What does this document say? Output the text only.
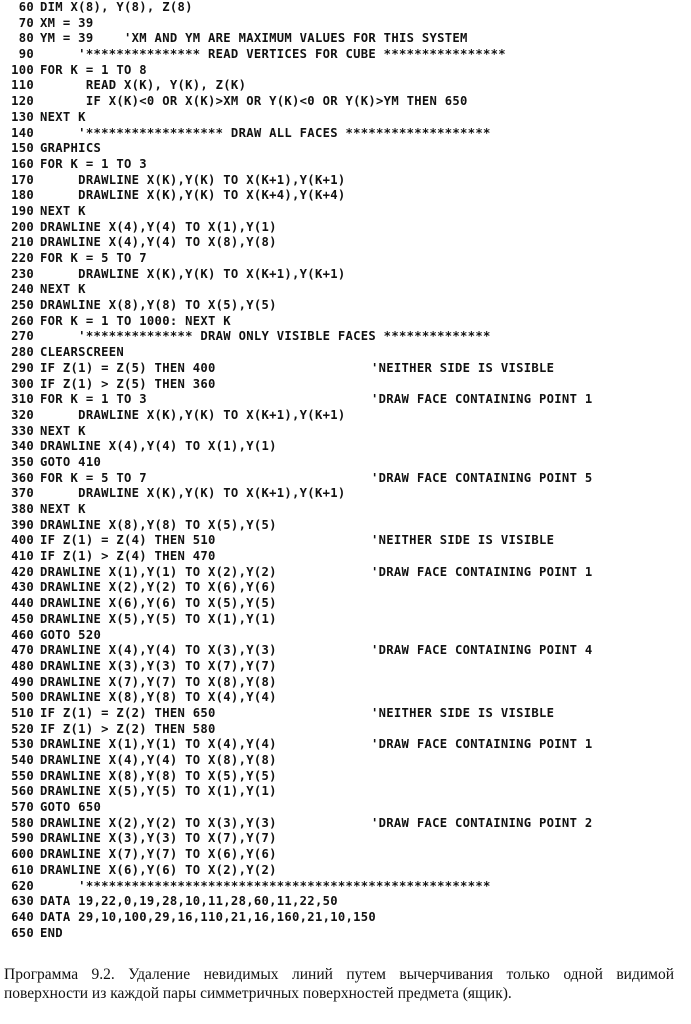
60 DIM X(8), Y(8), Z(8)
70 XM = 39
80 YM = 39    'XM AND YM ARE MAXIMUM VALUES FOR THIS SYSTEM
90 '*************** READ VERTICES FOR CUBE ****************
100 FOR K = 1 TO 8
110 READ X(K), Y(K), Z(K)
120 IF X(K)<0 OR X(K)>XM OR Y(K)<0 OR Y(K)>YM THEN 650
130 NEXT K
140 '****************** DRAW ALL FACES *******************
150 GRAPHICS
160 FOR K = 1 TO 3
170 DRAWLINE X(K),Y(K) TO X(K+1),Y(K+1)
180 DRAWLINE X(K),Y(K) TO X(K+4),Y(K+4)
190 NEXT K
200 DRAWLINE X(4),Y(4) TO X(1),Y(1)
210 DRAWLINE X(4),Y(4) TO X(8),Y(8)
220 FOR K = 5 TO 7
230 DRAWLINE X(K),Y(K) TO X(K+1),Y(K+1)
240 NEXT K
250 DRAWLINE X(8),Y(8) TO X(5),Y(5)
260 FOR K = 1 TO 1000: NEXT K
270 '************** DRAW ONLY VISIBLE FACES **************
280 CLEARSCREEN
290 IF Z(1) = Z(5) THEN 400	'NEITHER SIDE IS VISIBLE
300 IF Z(1) > Z(5) THEN 360
310 FOR K = 1 TO 3	'DRAW FACE CONTAINING POINT 1
320 DRAWLINE X(K),Y(K) TO X(K+1),Y(K+1)
330 NEXT K
340 DRAWLINE X(4),Y(4) TO X(1),Y(1)
350 GOTO 410
360 FOR K = 5 TO 7	'DRAW FACE CONTAINING POINT 5
370 DRAWLINE X(K),Y(K) TO X(K+1),Y(K+1)
380 NEXT K
390 DRAWLINE X(8),Y(8) TO X(5),Y(5)
400 IF Z(1) = Z(4) THEN 510	'NEITHER SIDE IS VISIBLE
410 IF Z(1) > Z(4) THEN 470
420 DRAWLINE X(1),Y(1) TO X(2),Y(2)	'DRAW FACE CONTAINING POINT 1
430 DRAWLINE X(2),Y(2) TO X(6),Y(6)
440 DRAWLINE X(6),Y(6) TO X(5),Y(5)
450 DRAWLINE X(5),Y(5) TO X(1),Y(1)
460 GOTO 520
470 DRAWLINE X(4),Y(4) TO X(3),Y(3)	'DRAW FACE CONTAINING POINT 4
480 DRAWLINE X(3),Y(3) TO X(7),Y(7)
490 DRAWLINE X(7),Y(7) TO X(8),Y(8)
500 DRAWLINE X(8),Y(8) TO X(4),Y(4)
510 IF Z(1) = Z(2) THEN 650	'NEITHER SIDE IS VISIBLE
520 IF Z(1) > Z(2) THEN 580
530 DRAWLINE X(1),Y(1) TO X(4),Y(4)	'DRAW FACE CONTAINING POINT 1
540 DRAWLINE X(4),Y(4) TO X(8),Y(8)
550 DRAWLINE X(8),Y(8) TO X(5),Y(5)
560 DRAWLINE X(5),Y(5) TO X(1),Y(1)
570 GOTO 650
580 DRAWLINE X(2),Y(2) TO X(3),Y(3)	'DRAW FACE CONTAINING POINT 2
590 DRAWLINE X(3),Y(3) TO X(7),Y(7)
600 DRAWLINE X(7),Y(7) TO X(6),Y(6)
610 DRAWLINE X(6),Y(6) TO X(2),Y(2)
620 '*****************************************************
630 DATA 19,22,0,19,28,10,11,28,60,11,22,50
640 DATA 29,10,100,29,16,110,21,16,160,21,10,150
650 END
Программа 9.2. Удаление невидимых линий путем вычерчивания только одной видимой поверхности из каждой пары симметричных поверхностей предмета (ящик).
